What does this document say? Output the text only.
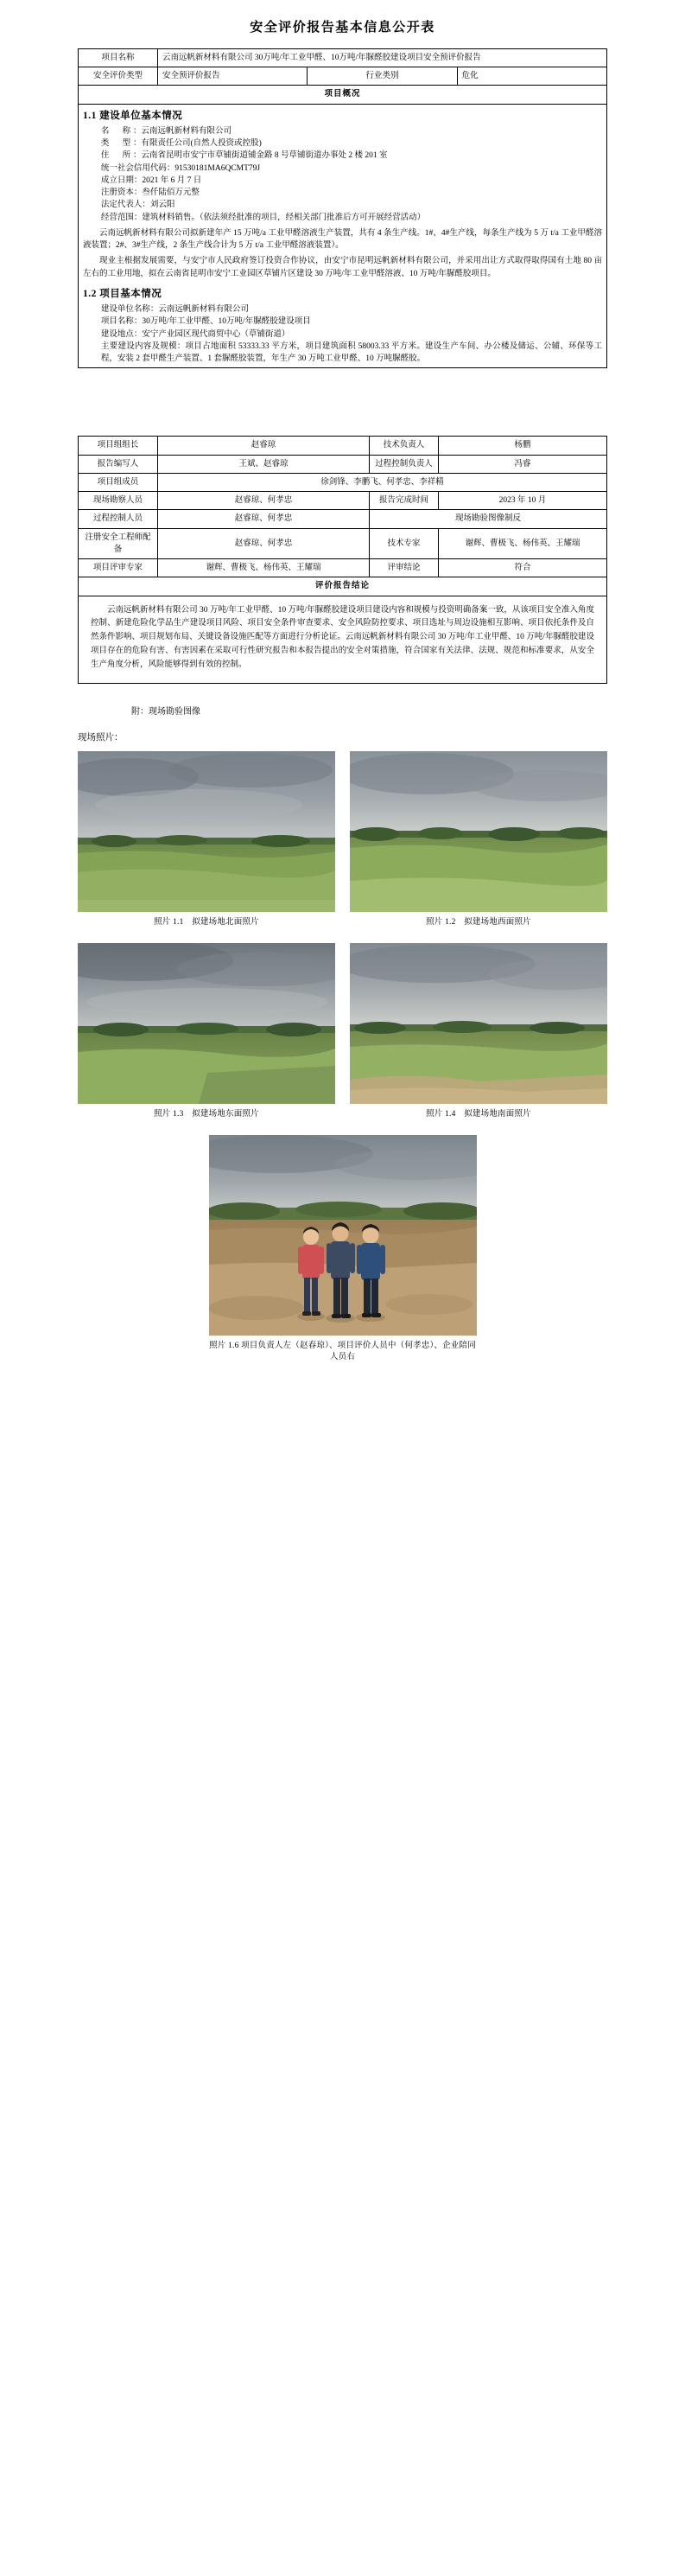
安全评价报告基本信息公开表
项目名称	云南远帆新材料有限公司 30万吨/年工业甲醛、10万吨/年脲醛胶建设项目安全预评价报告		
安全评价类型	安全预评价报告	行业类别	危化
项目概况			

1.1 建设单位基本情况

名　称：云南远帆新材料有限公司

类　型：有限责任公司(自然人投资或控股)

住　所：云南省昆明市安宁市草铺街道铺金路 8 号草铺街道办事处 2 楼 201 室

统一社会信用代码：91530181MA6QCMT79J

成立日期：2021 年 6 月 7 日

注册资本：叁仟陆佰万元整

法定代表人：刘云阳

经营范围：建筑材料销售。（依法须经批准的项目，经相关部门批准后方可开展经营活动）

云南远帆新材料有限公司拟新建年产 15 万吨/a 工业甲醛溶液生产装置，共有 4 条生产线。1#、4#生产线，每条生产线为 5 万 t/a 工业甲醛溶液装置；2#、3#生产线，2 条生产线合计为 5 万 t/a 工业甲醛溶液装置）。

现业主根据发展需要，与安宁市人民政府签订投资合作协议，由安宁市昆明远帆新材料有限公司，并采用出让方式取得取得国有土地 80 亩左右的工业用地，拟在云南省昆明市安宁工业园区草铺片区建设 30 万吨/年工业甲醛溶液、10 万吨/年脲醛胶项目。

1.2 项目基本情况

建设单位名称：云南远帆新材料有限公司

项目名称：30万吨/年工业甲醛、10万吨/年脲醛胶建设项目

建设地点：安宁产业园区现代商贸中心（草铺街道）

主要建设内容及规模：项目占地面积 53333.33 平方米，项目建筑面积 58003.33 平方米。建设生产车间、办公楼及储运、公辅、环保等工程，安装 2 套甲醛生产装置、1 套脲醛胶装置，年生产 30 万吨工业甲醛、10 万吨脲醛胶。

项目组组长	赵睿琼	技术负责人	杨鹏
报告编写人	王斌、赵睿琼	过程控制负责人	冯睿
项目组成员	徐剑锋、李鹏飞、何孝忠、李祥精		
现场勘察人员	赵睿琼、何孝忠	报告完成时间	2023 年 10 月
过程控制人员	赵睿琼、何孝忠	现场勘验图像制反	
注册安全工程师配备	赵睿琼、何孝忠	技术专家	谢辉、曹极飞、杨伟英、王耀瑞
项目评审专家	谢辉、曹极飞、杨伟英、王耀瑞	评审结论	符合
评价报告结论			

云南远帆新材料有限公司 30 万吨/年工业甲醛、10 万吨/年脲醛胶建设项目建设内容和规模与投资明确备案一致，从该项目安全准入角度控制、新建危险化学品生产建设项目风险、项目安全条件审查要求、安全风险防控要求、项目选址与周边设施相互影响、项目依托条件及自然条件影响、项目规划布局、关键设备设施匹配等方面进行分析论证。云南远帆新材料有限公司 30 万吨/年工业甲醛、10 万吨/年脲醛胶建设项目存在的危险有害、有害因素在采取可行性研究报告和本报告提出的安全对策措施，符合国家有关法律、法规、规范和标准要求，从安全生产角度分析，风险能够得到有效的控制。			

附：现场勘验图像

现场照片：

照片 1.1　拟建场地北面照片	照片 1.2　拟建场地西面照片
照片 1.3　拟建场地东面照片	照片 1.4　拟建场地南面照片
照片 1.6 项目负责人左（赵春琼）、项目评价人员中（何孝忠）、企业陪同人员右
